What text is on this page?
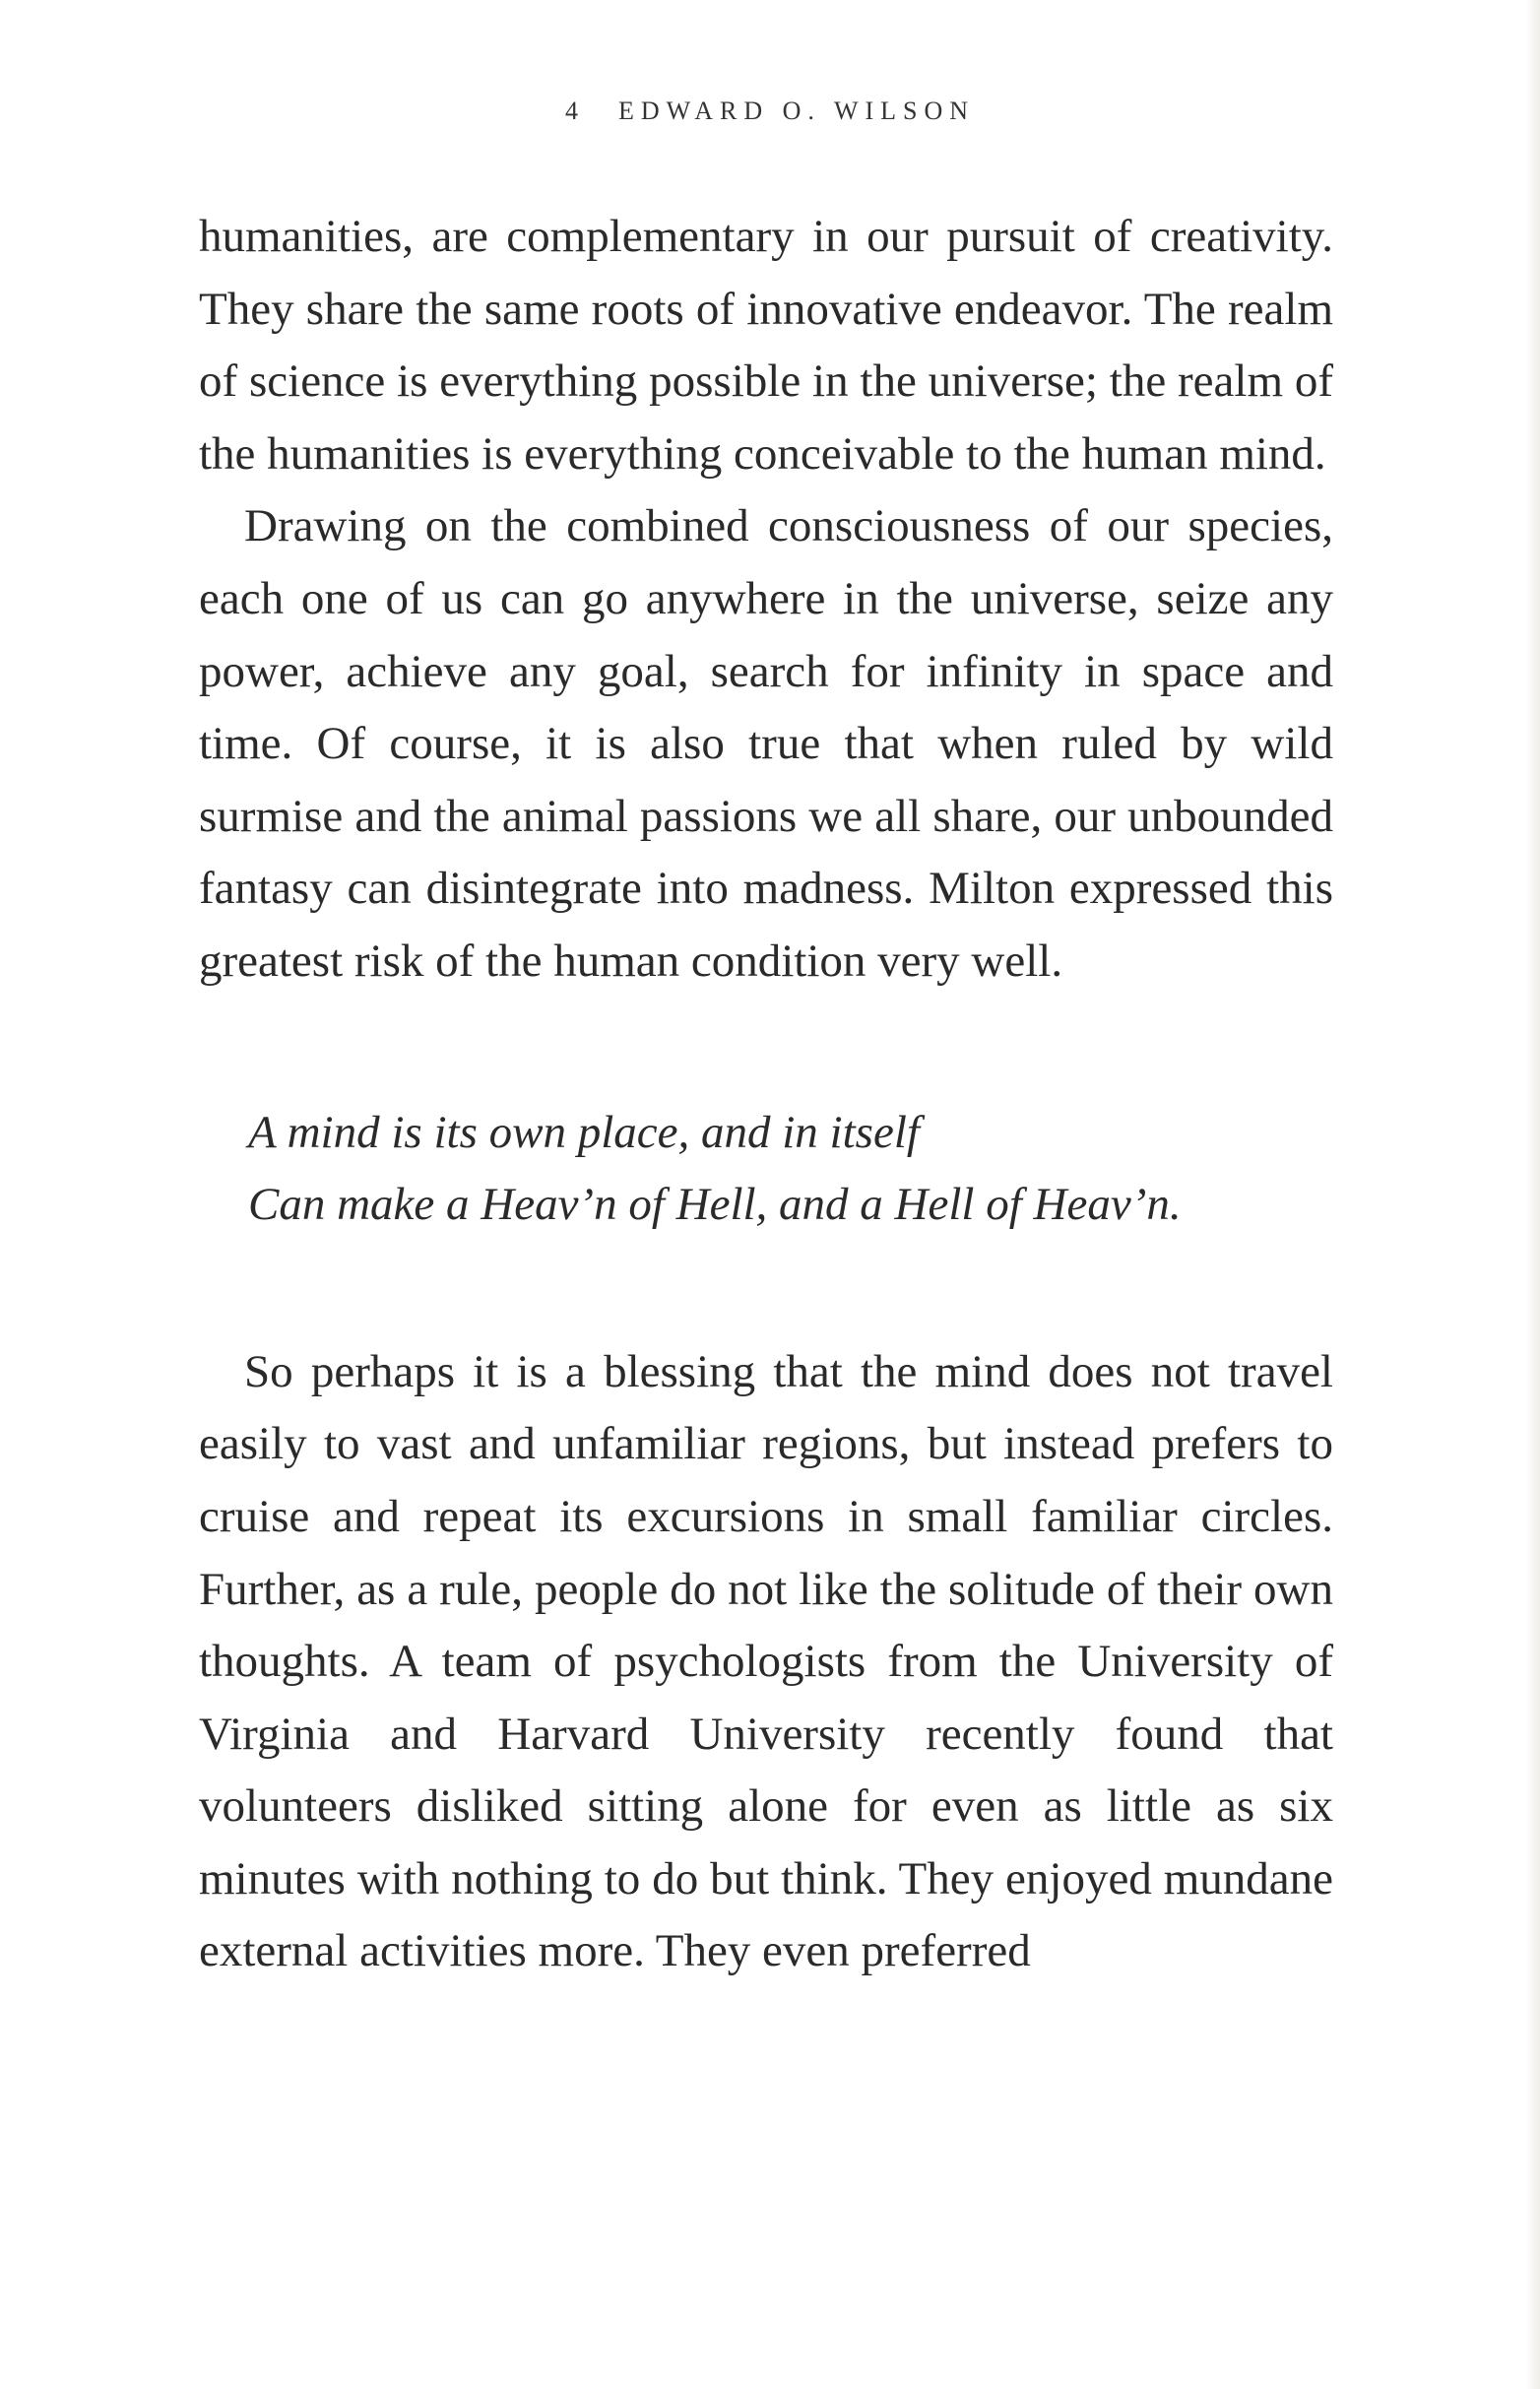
4 EDWARD O. WILSON

humanities, are complementary in our pursuit of creativity. They share the same roots of innovative endeavor. The realm of science is everything possible in the universe; the realm of the humanities is everything conceivable to the human mind.

Drawing on the combined consciousness of our species, each one of us can go anywhere in the universe, seize any power, achieve any goal, search for infinity in space and time. Of course, it is also true that when ruled by wild surmise and the animal passions we all share, our unbounded fantasy can disintegrate into madness. Milton expressed this greatest risk of the human condition very well.

A mind is its own place, and in itself
Can make a Heav’n of Hell, and a Hell of Heav’n.

So perhaps it is a blessing that the mind does not travel easily to vast and unfamiliar regions, but instead prefers to cruise and repeat its excursions in small familiar circles. Further, as a rule, people do not like the solitude of their own thoughts. A team of psychologists from the University of Virginia and Harvard University recently found that volunteers disliked sitting alone for even as little as six minutes with nothing to do but think. They enjoyed mundane external activities more. They even preferred
